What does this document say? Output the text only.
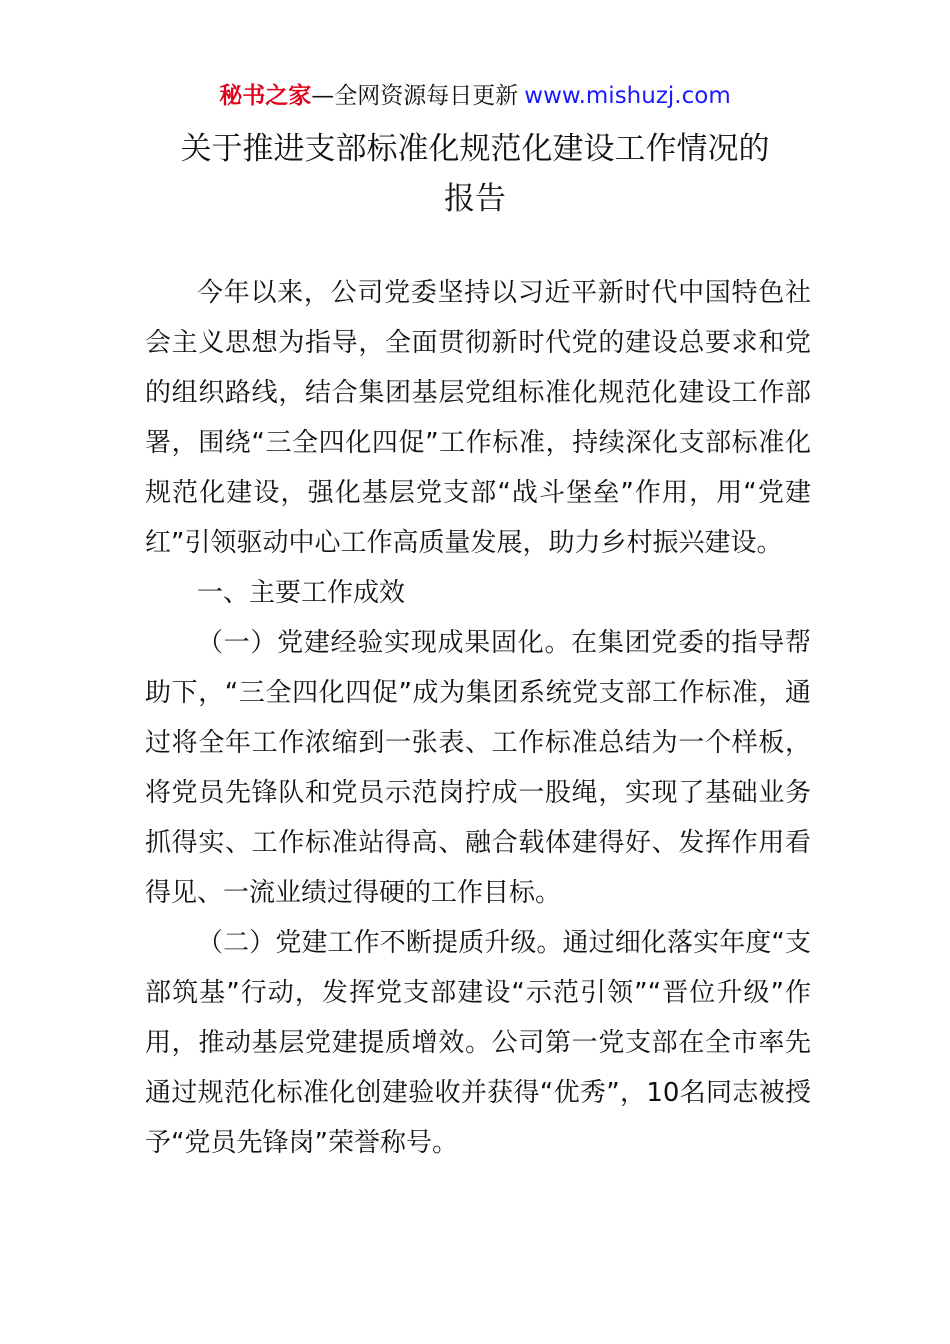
秘书之家—全网资源每日更新 www.mishuzj.com
关于推进支部标准化规范化建设工作情况的
报告

今年以来，公司党委坚持以习近平新时代中国特色社会主义思想为指导，全面贯彻新时代党的建设总要求和党的组织路线，结合集团基层党组标准化规范化建设工作部署，围绕“三全四化四促”工作标准，持续深化支部标准化规范化建设，强化基层党支部“战斗堡垒”作用，用“党建红”引领驱动中心工作高质量发展，助力乡村振兴建设。

一、主要工作成效

（一）党建经验实现成果固化。在集团党委的指导帮助下，“三全四化四促”成为集团系统党支部工作标准，通过将全年工作浓缩到一张表、工作标准总结为一个样板，将党员先锋队和党员示范岗拧成一股绳，实现了基础业务抓得实、工作标准站得高、融合载体建得好、发挥作用看得见、一流业绩过得硬的工作目标。

（二）党建工作不断提质升级。通过细化落实年度“支部筑基”行动，发挥党支部建设“示范引领”“晋位升级”作用，推动基层党建提质增效。公司第一党支部在全市率先通过规范化标准化创建验收并获得“优秀”，10名同志被授予“党员先锋岗”荣誉称号。
